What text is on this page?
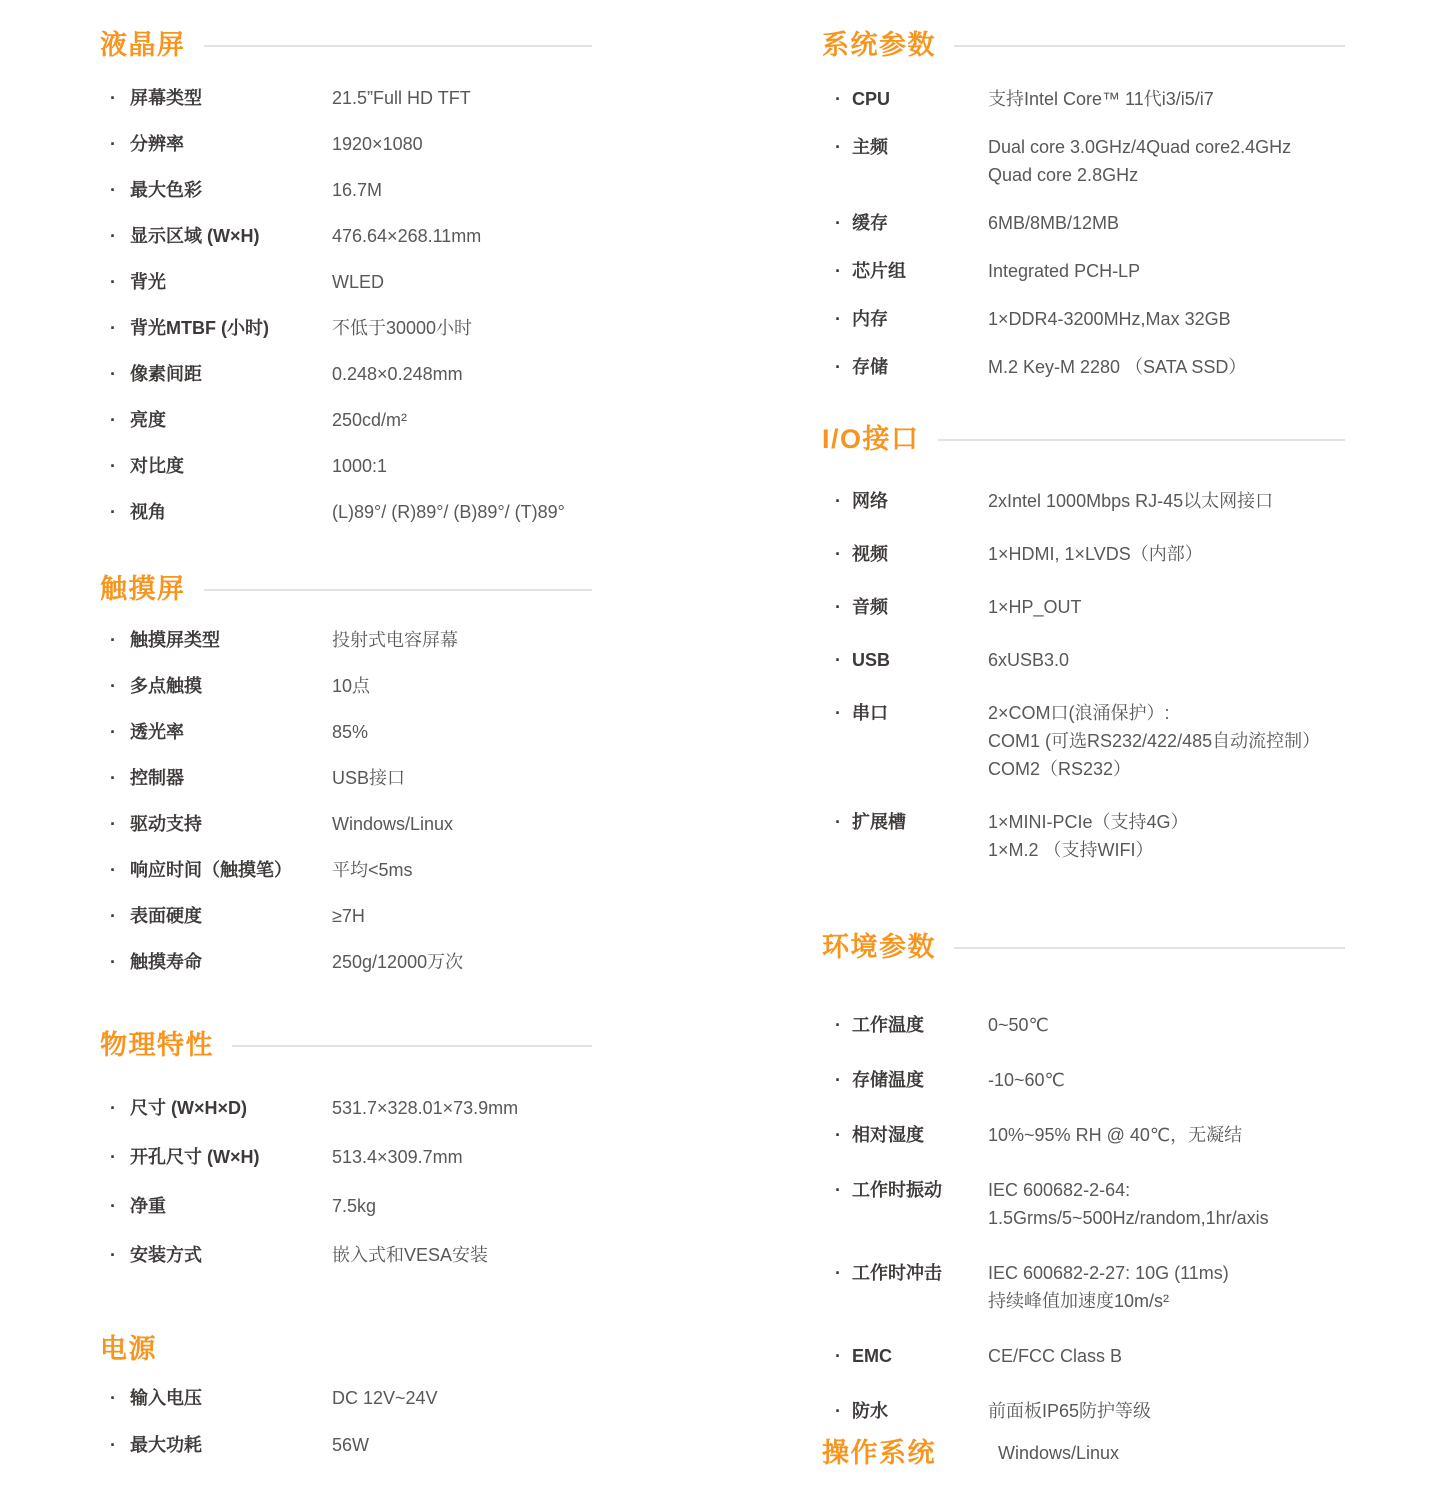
液晶屏
· 屏幕类型	21.5”Full HD TFT
· 分辨率	1920×1080
· 最大色彩	16.7M
· 显示区域 (W×H)	476.64×268.11mm
· 背光	WLED
· 背光MTBF (小时)	不低于30000小时
· 像素间距	0.248×0.248mm
· 亮度	250cd/m²
· 对比度	1000:1
· 视角	(L)89°/ (R)89°/ (B)89°/ (T)89°
触摸屏
· 触摸屏类型	投射式电容屏幕
· 多点触摸	10点
· 透光率	85%
· 控制器	USB接口
· 驱动支持	Windows/Linux
· 响应时间（触摸笔）	平均<5ms
· 表面硬度	≥7H
· 触摸寿命	250g/12000万次
物理特性
· 尺寸 (W×H×D)	531.7×328.01×73.9mm
· 开孔尺寸 (W×H)	513.4×309.7mm
· 净重	7.5kg
· 安装方式	嵌入式和VESA安装
电源
· 输入电压	DC 12V~24V
· 最大功耗	56W
系统参数
· CPU	支持Intel Core™ 11代i3/i5/i7
· 主频	Dual core 3.0GHz/4Quad core2.4GHz
Quad core 2.8GHz
· 缓存	6MB/8MB/12MB
· 芯片组	Integrated PCH-LP
· 内存	1×DDR4-3200MHz,Max 32GB
· 存储	M.2 Key-M 2280 （SATA SSD）
I/O接口
· 网络	2xIntel 1000Mbps RJ-45以太网接口
· 视频	1×HDMI, 1×LVDS（内部）
· 音频	1×HP_OUT
· USB	6xUSB3.0
· 串口	2×COM口(浪涌保护）:
COM1 (可选RS232/422/485自动流控制）
COM2（RS232）
· 扩展槽	1×MINI-PCIe（支持4G）
1×M.2 （支持WIFI）
环境参数
· 工作温度	0~50℃
· 存储温度	-10~60℃
· 相对湿度	10%~95% RH @ 40℃，无凝结
· 工作时振动	IEC 600682-2-64:
1.5Grms/5~500Hz/random,1hr/axis
· 工作时冲击	IEC 600682-2-27: 10G (11ms)
持续峰值加速度10m/s²
· EMC	CE/FCC Class B
· 防水	前面板IP65防护等级
操作系统	Windows/Linux
